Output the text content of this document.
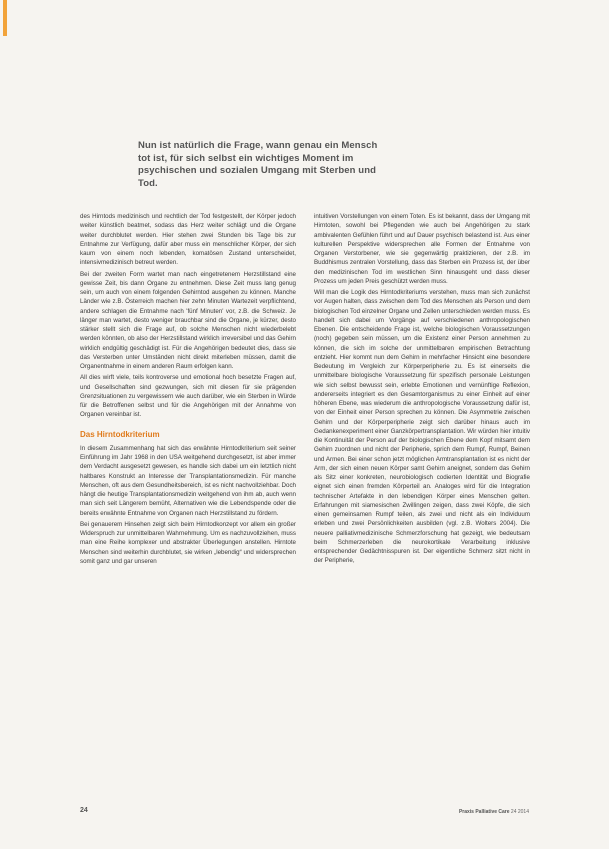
Nun ist natürlich die Frage, wann genau ein Mensch tot ist, für sich selbst ein wichtiges Moment im psychischen und sozialen Umgang mit Sterben und Tod.

des Hirntods medizinisch und rechtlich der Tod festgestellt, der Körper jedoch weiter künstlich beatmet, sodass das Herz weiter schlägt und die Organe weiter durchblutet werden. Hier stehen zwei Stunden bis Tage bis zur Entnahme zur Verfügung, dafür aber muss ein menschlicher Körper, der sich kaum von einem noch lebenden, komatösen Zustand unterscheidet, intensivmedizinisch betreut werden.

Bei der zweiten Form wartet man nach eingetretenem Herzstillstand eine gewisse Zeit, bis dann Organe zu entnehmen. Diese Zeit muss lang genug sein, um auch von einem folgenden Gehirntod ausgehen zu können. Manche Länder wie z.B. Österreich machen hier zehn Minuten Wartezeit verpflichtend, andere schlagen die Entnahme nach 'fünf Minuten' vor, z.B. die Schweiz. Je länger man wartet, desto weniger brauchbar sind die Organe, je kürzer, desto stärker stellt sich die Frage auf, ob solche Menschen nicht wiederbelebt werden könnten, ob also der Herzstillstand wirklich irreversibel und das Gehirn wirklich endgültig geschädigt ist. Für die Angehörigen bedeutet dies, dass sie das Versterben unter Umständen nicht direkt miterleben müssen, damit die Organentnahme in einem anderen Raum erfolgen kann.

All dies wirft viele, teils kontroverse und emotional hoch besetzte Fragen auf, und Gesellschaften sind gezwungen, sich mit diesen für sie prägenden Grenzsituationen zu vergewissern wie auch darüber, wie ein Sterben in Würde für die Betroffenen selbst und für die Angehörigen mit der Annahme von Organen vereinbar ist.

Das Hirntodkriterium

In diesem Zusammenhang hat sich das erwähnte Hirntodkriterium seit seiner Einführung im Jahr 1968 in den USA weitgehend durchgesetzt, ist aber immer dem Verdacht ausgesetzt gewesen, es handle sich dabei um ein letztlich nicht haltbares Konstrukt an Interesse der Transplantationsmedizin. Für manche Menschen, oft aus dem Gesundheitsbereich, ist es nicht nachvollziehbar. Doch hängt die heutige Transplantationsmedizin weitgehend von ihm ab, auch wenn man sich seit Längerem bemüht, Alternativen wie die Lebendspende oder die bereits erwähnte Entnahme von Organen nach Herzstillstand zu fördern.

Bei genauerem Hinsehen zeigt sich beim Hirntodkonzept vor allem ein großer Widerspruch zur unmittelbaren Wahrnehmung. Um es nachzuvollziehen, muss man eine Reihe komplexer und abstrakter Überlegungen anstellen. Hirntote Menschen sind weiterhin durchblutet, sie wirken „lebendig“ und widersprechen somit ganz und gar unseren

intuitiven Vorstellungen von einem Toten. Es ist bekannt, dass der Umgang mit Hirntoten, sowohl bei Pflegenden wie auch bei Angehörigen zu stark ambivalenten Gefühlen führt und auf Dauer psychisch belastend ist. Aus einer kulturellen Perspektive widersprechen alle Formen der Entnahme von Organen Verstorbener, wie sie gegenwärtig praktizieren, der z.B. im Buddhismus zentralen Vorstellung, dass das Sterben ein Prozess ist, der über den medizinischen Tod im westlichen Sinn hinausgeht und dass dieser Prozess um jeden Preis geschützt werden muss.

Will man die Logik des Hirntodkriteriums verstehen, muss man sich zunächst vor Augen halten, dass zwischen dem Tod des Menschen als Person und dem biologischen Tod einzelner Organe und Zellen unterschieden werden muss. Es handelt sich dabei um Vorgänge auf verschiedenen anthropologischen Ebenen. Die entscheidende Frage ist, welche biologischen Voraussetzungen (noch) gegeben sein müssen, um die Existenz einer Person annehmen zu können, die sich im solche der unmittelbaren empirischen Betrachtung entzieht. Hier kommt nun dem Gehirn in mehrfacher Hinsicht eine besondere Bedeutung im Vergleich zur Körperperipherie zu. Es ist einerseits die unmittelbare biologische Voraussetzung für spezifisch personale Leistungen wie sich selbst bewusst sein, erlebte Emotionen und vernünftige Reflexion, andererseits integriert es den Gesamtorganismus zu einer Einheit auf einer höheren Ebene, was wiederum die anthropologische Voraussetzung dafür ist, von der Einheit einer Person sprechen zu können. Die Asymmetrie zwischen Gehirn und der Körperperipherie zeigt sich darüber hinaus auch im Gedankenexperiment einer Ganzkörpertransplantation. Wir würden hier intuitiv die Kontinuität der Person auf der biologischen Ebene dem Kopf mitsamt dem Gehirn zuordnen und nicht der Peripherie, sprich dem Rumpf, Rumpf, Beinen und Armen. Bei einer schon jetzt möglichen Armtransplantation ist es nicht der Arm, der sich einen neuen Körper samt Gehirn aneignet, sondern das Gehirn als Sitz einer konkreten, neurobiologisch codierten Identität und Biografie eignet sich einen fremden Körperteil an. Analoges wird für die Integration technischer Artefakte in den lebendigen Körper eines Menschen gelten. Erfahrungen mit siamesischen Zwillingen zeigen, dass zwei Köpfe, die sich einen gemeinsamen Rumpf teilen, als zwei und nicht als ein Individuum erleben und zwei Persönlichkeiten ausbilden (vgl. z.B. Wolters 2004). Die neuere palliativmedizinische Schmerzforschung hat gezeigt, wie bedeutsam beim Schmerzerleben die neurokortikale Verarbeitung inklusive entsprechender Gedächtnisspuren ist. Der eigentliche Schmerz sitzt nicht in der Peripherie,

24	Praxis Palliative Care 24 2014
